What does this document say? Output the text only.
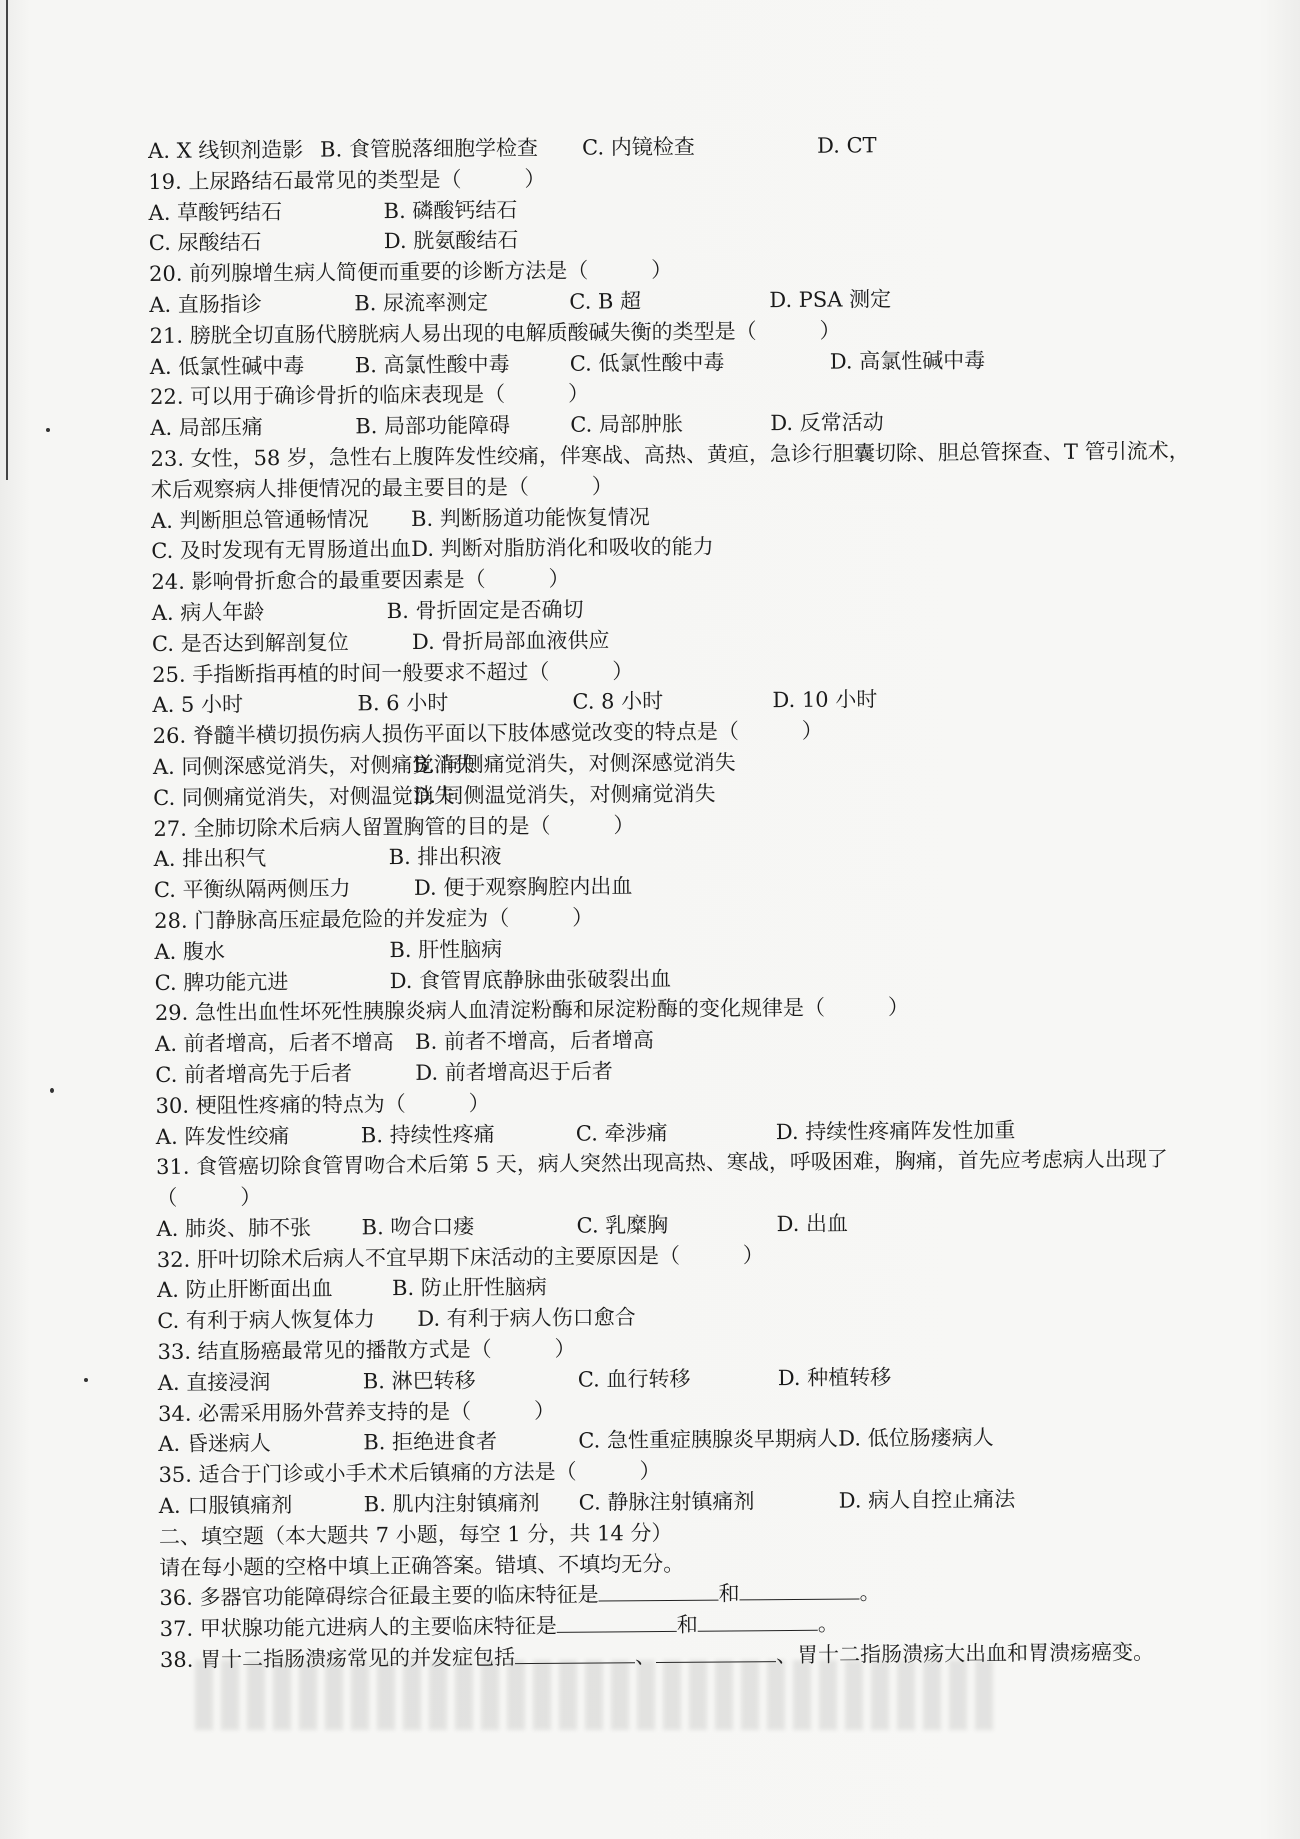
A. X 线钡剂造影 B. 食管脱落细胞学检查 C. 内镜检查	D. CT
19. 上尿路结石最常见的类型是（　　　）
A. 草酸钙结石	B. 磷酸钙结石
C. 尿酸结石	D. 胱氨酸结石
20. 前列腺增生病人简便而重要的诊断方法是（　　　）
A. 直肠指诊	B. 尿流率测定	C. B 超	D. PSA 测定
21. 膀胱全切直肠代膀胱病人易出现的电解质酸碱失衡的类型是（　　　）
A. 低氯性碱中毒 B. 高氯性酸中毒	C. 低氯性酸中毒	D. 高氯性碱中毒
22. 可以用于确诊骨折的临床表现是（　　　）
A. 局部压痛	B. 局部功能障碍	C. 局部肿胀	D. 反常活动
23. 女性，58 岁，急性右上腹阵发性绞痛，伴寒战、高热、黄疸，急诊行胆囊切除、胆总管探查、T 管引流术，术后观察病人排便情况的最主要目的是（　　　）
A. 判断胆总管通畅情况 B. 判断肠道功能恢复情况
C. 及时发现有无胃肠道出血D. 判断对脂肪消化和吸收的能力
24. 影响骨折愈合的最重要因素是（　　　）
A. 病人年龄	B. 骨折固定是否确切
C. 是否达到解剖复位	D. 骨折局部血液供应
25. 手指断指再植的时间一般要求不超过（　　　）
A. 5 小时	B. 6 小时	C. 8 小时	D. 10 小时
26. 脊髓半横切损伤病人损伤平面以下肢体感觉改变的特点是（　　　）
A. 同侧深感觉消失，对侧痛觉消失B. 同侧痛觉消失，对侧深感觉消失
C. 同侧痛觉消失，对侧温觉消失D. 同侧温觉消失，对侧痛觉消失
27. 全肺切除术后病人留置胸管的目的是（　　　）
A. 排出积气	B. 排出积液
C. 平衡纵隔两侧压力	D. 便于观察胸腔内出血
28. 门静脉高压症最危险的并发症为（　　　）
A. 腹水	B. 肝性脑病
C. 脾功能亢进	D. 食管胃底静脉曲张破裂出血
29. 急性出血性坏死性胰腺炎病人血清淀粉酶和尿淀粉酶的变化规律是（　　　）
A. 前者增高，后者不增高 B. 前者不增高，后者增高
C. 前者增高先于后者	D. 前者增高迟于后者
30. 梗阻性疼痛的特点为（　　　）
A. 阵发性绞痛	B. 持续性疼痛	C. 牵涉痛	D. 持续性疼痛阵发性加重
31. 食管癌切除食管胃吻合术后第 5 天，病人突然出现高热、寒战，呼吸困难，胸痛，首先应考虑病人出现了（　　　）
A. 肺炎、肺不张 B. 吻合口瘘	C. 乳糜胸	D. 出血
32. 肝叶切除术后病人不宜早期下床活动的主要原因是（　　　）
A. 防止肝断面出血	B. 防止肝性脑病
C. 有利于病人恢复体力 D. 有利于病人伤口愈合
33. 结直肠癌最常见的播散方式是（　　　）
A. 直接浸润	B. 淋巴转移	C. 血行转移	D. 种植转移
34. 必需采用肠外营养支持的是（　　　）
A. 昏迷病人	B. 拒绝进食者	C. 急性重症胰腺炎早期病人D. 低位肠瘘病人
35. 适合于门诊或小手术术后镇痛的方法是（　　　）
A. 口服镇痛剂	B. 肌内注射镇痛剂 C. 静脉注射镇痛剂	D. 病人自控止痛法
二、填空题（本大题共 7 小题，每空 1 分，共 14 分）
请在每小题的空格中填上正确答案。错填、不填均无分。
36. 多器官功能障碍综合征最主要的临床特征是	和	。
37. 甲状腺功能亢进病人的主要临床特征是	和	。
38. 胃十二指肠溃疡常见的并发症包括	、	、胃十二指肠溃疡大出血和胃溃疡癌变。
